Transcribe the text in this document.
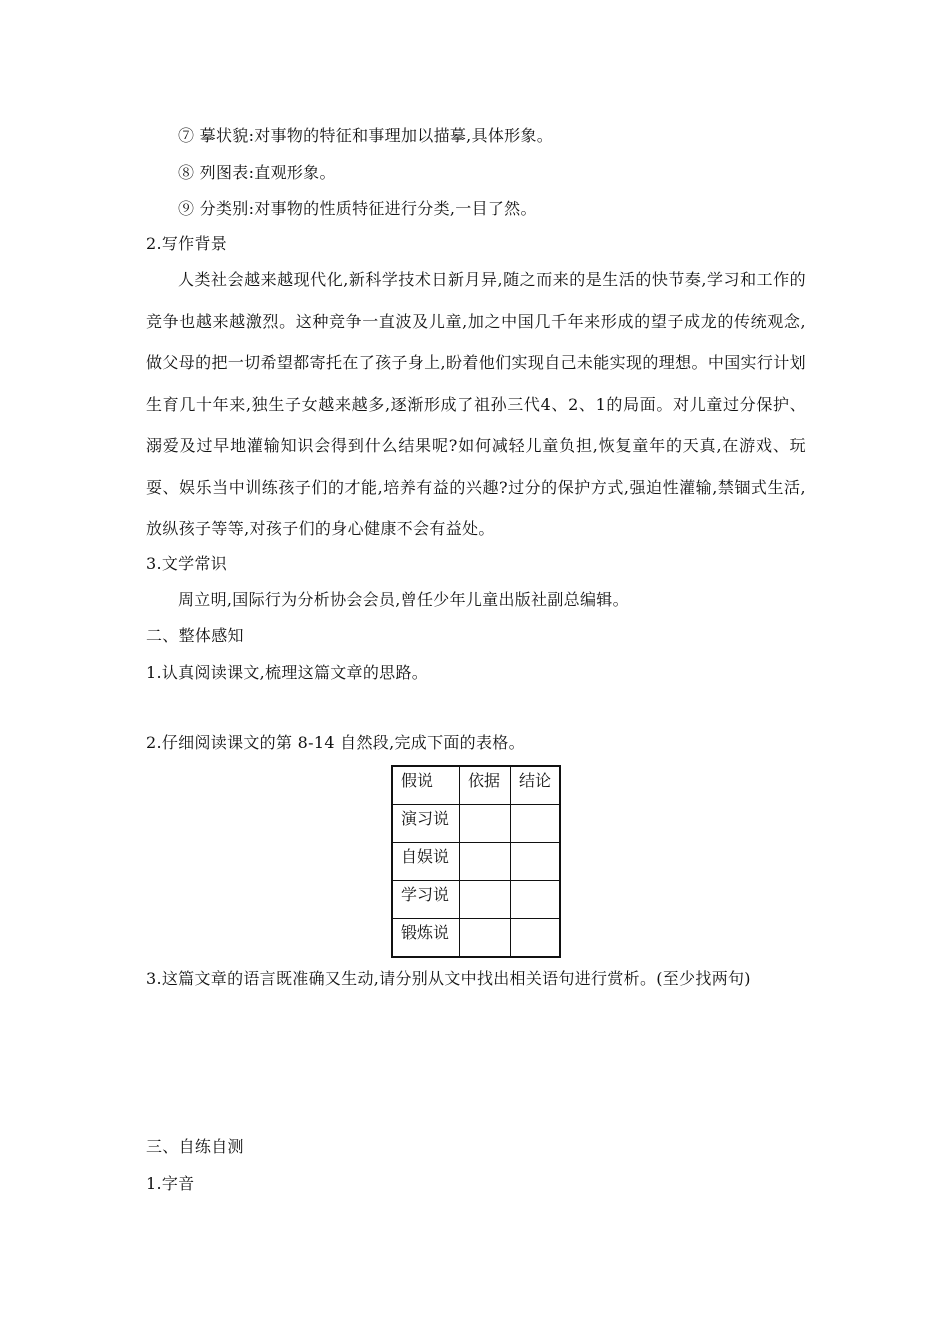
⑦ 摹状貌:对事物的特征和事理加以描摹,具体形象。
⑧ 列图表:直观形象。
⑨ 分类别:对事物的性质特征进行分类,一目了然。
2.写作背景
人类社会越来越现代化,新科学技术日新月异,随之而来的是生活的快节奏,学习和工作的竞争也越来越激烈。这种竞争一直波及儿童,加之中国几千年来形成的望子成龙的传统观念,做父母的把一切希望都寄托在了孩子身上,盼着他们实现自己未能实现的理想。中国实行计划生育几十年来,独生子女越来越多,逐渐形成了祖孙三代4、2、1的局面。对儿童过分保护、溺爱及过早地灌输知识会得到什么结果呢?如何减轻儿童负担,恢复童年的天真,在游戏、玩耍、娱乐当中训练孩子们的才能,培养有益的兴趣?过分的保护方式,强迫性灌输,禁锢式生活,放纵孩子等等,对孩子们的身心健康不会有益处。
3.文学常识
周立明,国际行为分析协会会员,曾任少年儿童出版社副总编辑。
二、整体感知
1.认真阅读课文,梳理这篇文章的思路。
2.仔细阅读课文的第 8-14 自然段,完成下面的表格。
假说	依据	结论
演习说		
自娱说		
学习说		
锻炼说		
3.这篇文章的语言既准确又生动,请分别从文中找出相关语句进行赏析。(至少找两句)
三、自练自测
1.字音
